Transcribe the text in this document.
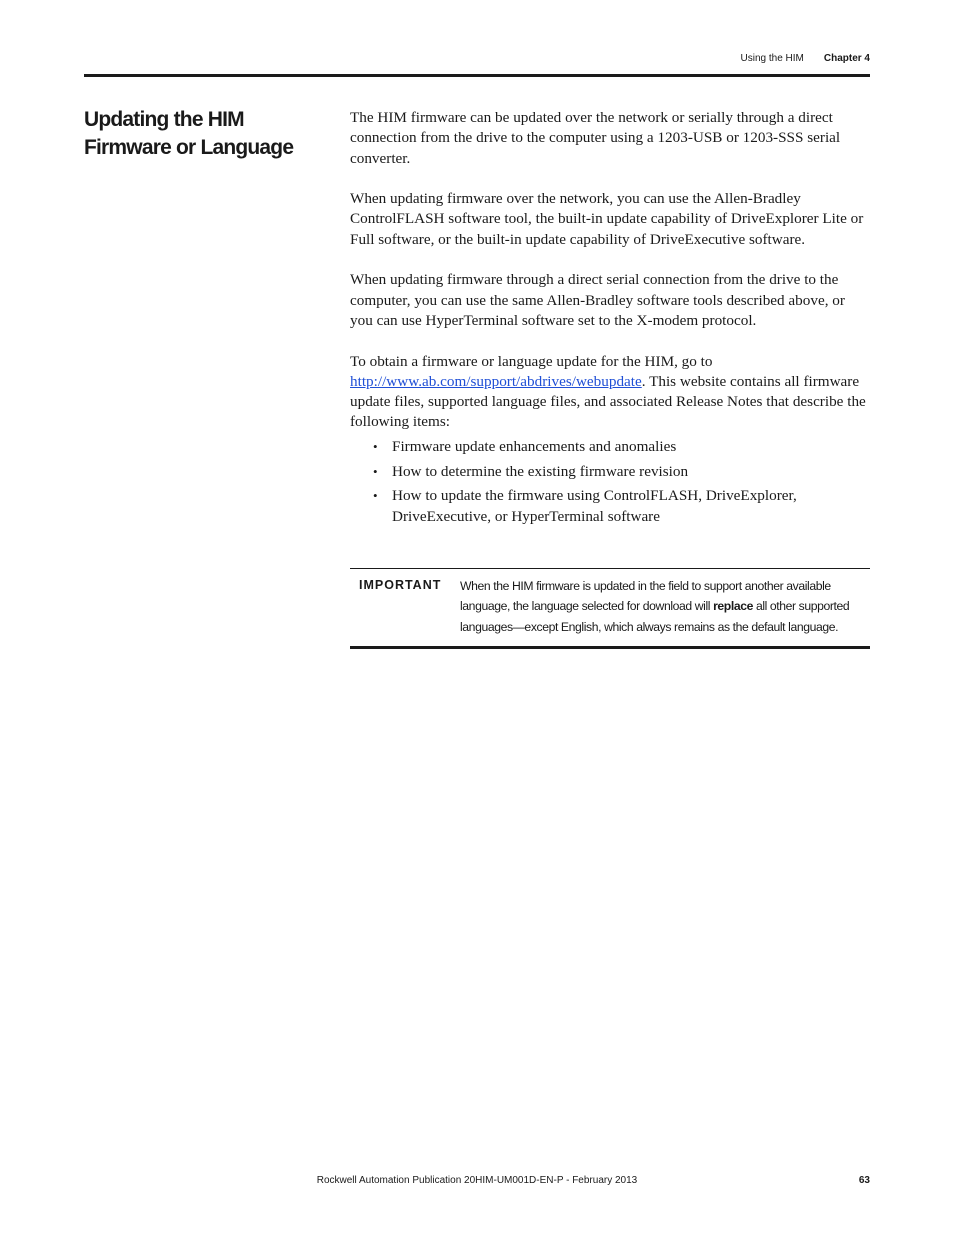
Using the HIM Chapter 4
Updating the HIM Firmware or Language

The HIM firmware can be updated over the network or serially through a direct connection from the drive to the computer using a 1203-USB or 1203-SSS serial converter.

When updating firmware over the network, you can use the Allen-Bradley ControlFLASH software tool, the built-in update capability of DriveExplorer Lite or Full software, or the built-in update capability of DriveExecutive software.

When updating firmware through a direct serial connection from the drive to the computer, you can use the same Allen-Bradley software tools described above, or you can use HyperTerminal software set to the X-modem protocol.

To obtain a firmware or language update for the HIM, go to http://www.ab.com/support/abdrives/webupdate. This website contains all firmware update files, supported language files, and associated Release Notes that describe the following items:

• Firmware update enhancements and anomalies
• How to determine the existing firmware revision
• How to update the firmware using ControlFLASH, DriveExplorer, DriveExecutive, or HyperTerminal software
IMPORTANT	When the HIM firmware is updated in the field to support another available language, the language selected for download will replace all other supported languages—except English, which always remains as the default language.
Rockwell Automation Publication 20HIM-UM001D-EN-P - February 2013	63
